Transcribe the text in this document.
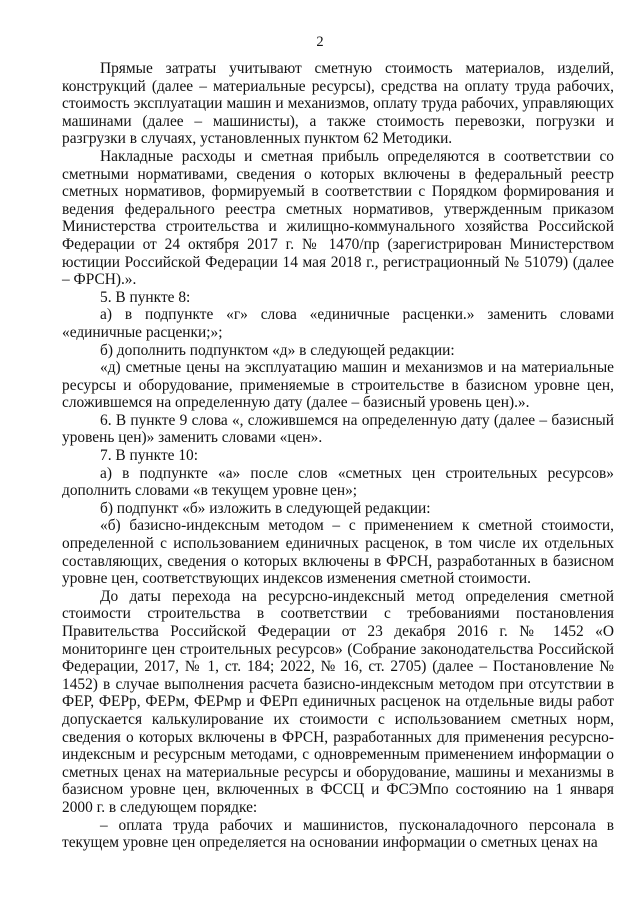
2

Прямые затраты учитывают сметную стоимость материалов, изделий, конструкций (далее – материальные ресурсы), средства на оплату труда рабочих, стоимость эксплуатации машин и механизмов, оплату труда рабочих, управляющих машинами (далее – машинисты), а также стоимость перевозки, погрузки и разгрузки в случаях, установленных пунктом 62 Методики.

Накладные расходы и сметная прибыль определяются в соответствии со сметными нормативами, сведения о которых включены в федеральный реестр сметных нормативов, формируемый в соответствии с Порядком формирования и ведения федерального реестра сметных нормативов, утвержденным приказом Министерства строительства и жилищно-коммунального хозяйства Российской Федерации от 24 октября 2017 г. № 1470/пр (зарегистрирован Министерством юстиции Российской Федерации 14 мая 2018 г., регистрационный № 51079) (далее – ФРСН).».

5. В пункте 8:

а) в подпункте «г» слова «единичные расценки.» заменить словами «единичные расценки;»;

б) дополнить подпунктом «д» в следующей редакции:

«д) сметные цены на эксплуатацию машин и механизмов и на материальные ресурсы и оборудование, применяемые в строительстве в базисном уровне цен, сложившемся на определенную дату (далее – базисный уровень цен).».

6. В пункте 9 слова «, сложившемся на определенную дату (далее – базисный уровень цен)» заменить словами «цен».

7. В пункте 10:

а) в подпункте «а» после слов «сметных цен строительных ресурсов» дополнить словами «в текущем уровне цен»;

б) подпункт «б» изложить в следующей редакции:

«б) базисно-индексным методом – с применением к сметной стоимости, определенной с использованием единичных расценок, в том числе их отдельных составляющих, сведения о которых включены в ФРСН, разработанных в базисном уровне цен, соответствующих индексов изменения сметной стоимости.

До даты перехода на ресурсно-индексный метод определения сметной стоимости строительства в соответствии с требованиями постановления Правительства Российской Федерации от 23 декабря 2016 г. № 1452 «О мониторинге цен строительных ресурсов» (Собрание законодательства Российской Федерации, 2017, № 1, ст. 184; 2022, № 16, ст. 2705) (далее – Постановление № 1452) в случае выполнения расчета базисно-индексным методом при отсутствии в ФЕР, ФЕРр, ФЕРм, ФЕРмр и ФЕРп единичных расценок на отдельные виды работ допускается калькулирование их стоимости с использованием сметных норм, сведения о которых включены в ФРСН, разработанных для применения ресурсно-индексным и ресурсным методами, с одновременным применением информации о сметных ценах на материальные ресурсы и оборудование, машины и механизмы в базисном уровне цен, включенных в ФССЦ и ФСЭМпо состоянию на 1 января 2000 г. в следующем порядке:

– оплата труда рабочих и машинистов, пусконаладочного персонала в текущем уровне цен определяется на основании информации о сметных ценах на
